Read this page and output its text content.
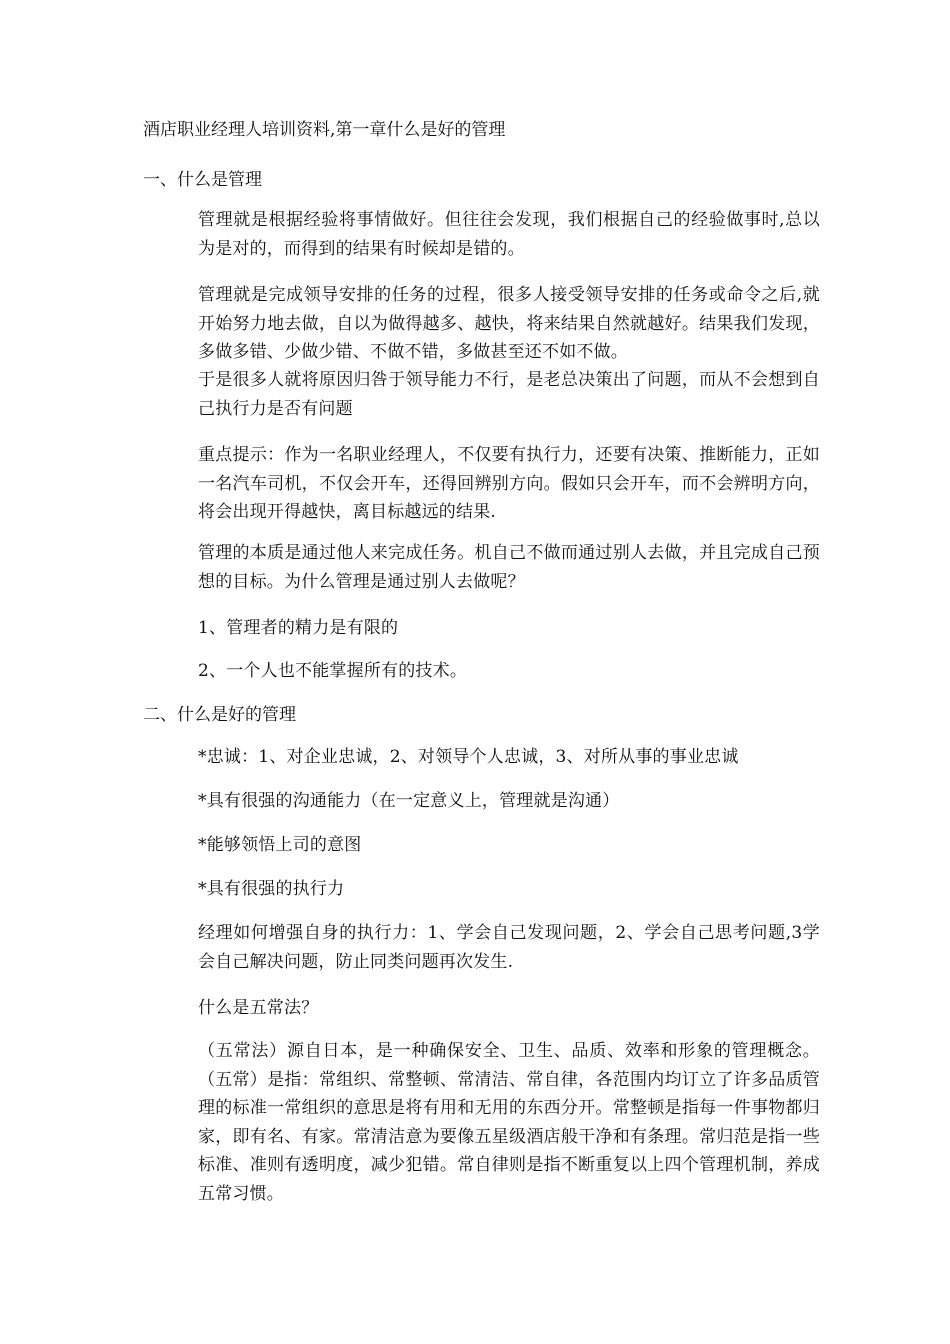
酒店职业经理人培训资料,第一章什么是好的管理
一、什么是管理
管理就是根据经验将事情做好。但往往会发现，我们根据自己的经验做事时,总以为是对的，而得到的结果有时候却是错的。
管理就是完成领导安排的任务的过程，很多人接受领导安排的任务或命令之后,就开始努力地去做，自以为做得越多、越快，将来结果自然就越好。结果我们发现，多做多错、少做少错、不做不错，多做甚至还不如不做。
于是很多人就将原因归咎于领导能力不行，是老总决策出了问题，而从不会想到自己执行力是否有问题
重点提示：作为一名职业经理人，不仅要有执行力，还要有决策、推断能力，正如一名汽车司机，不仅会开车，还得回辨别方向。假如只会开车，而不会辨明方向，将会出现开得越快，离目标越远的结果.
管理的本质是通过他人来完成任务。机自己不做而通过别人去做，并且完成自己预想的目标。为什么管理是通过别人去做呢？
1、管理者的精力是有限的
2、一个人也不能掌握所有的技术。
二、什么是好的管理
*忠诚：1、对企业忠诚，2、对领导个人忠诚，3、对所从事的事业忠诚
*具有很强的沟通能力（在一定意义上，管理就是沟通）
*能够领悟上司的意图
*具有很强的执行力
经理如何增强自身的执行力：1、学会自己发现问题，2、学会自己思考问题,3学会自己解决问题，防止同类问题再次发生.
什么是五常法？
（五常法）源自日本，是一种确保安全、卫生、品质、效率和形象的管理概念。（五常）是指：常组织、常整顿、常清洁、常自律，各范围内均订立了许多品质管理的标准一常组织的意思是将有用和无用的东西分开。常整顿是指每一件事物都归家，即有名、有家。常清洁意为要像五星级酒店般干净和有条理。常归范是指一些标准、准则有透明度，减少犯错。常自律则是指不断重复以上四个管理机制，养成五常习惯。
